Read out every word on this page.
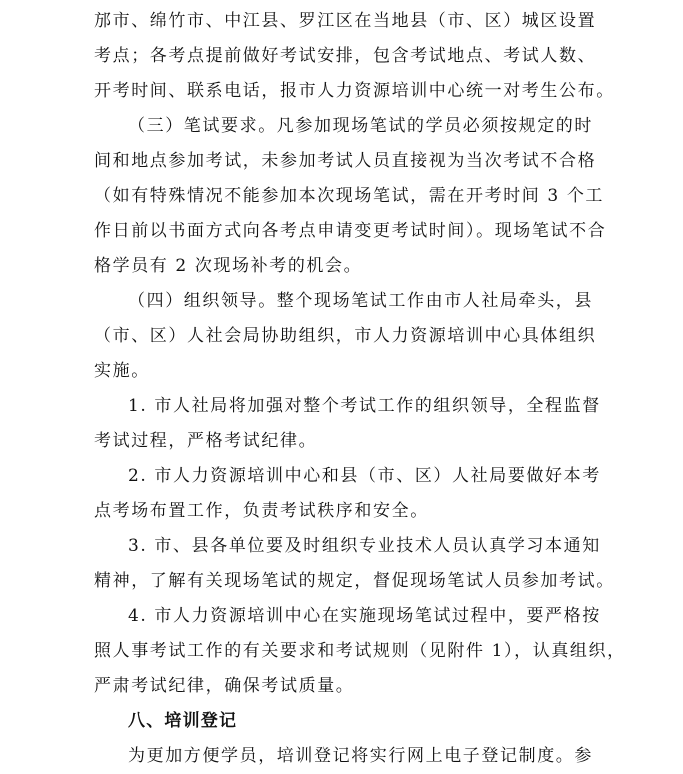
邡市、绵竹市、中江县、罗江区在当地县（市、区）城区设置
考点；各考点提前做好考试安排，包含考试地点、考试人数、
开考时间、联系电话，报市人力资源培训中心统一对考生公布。
（三）笔试要求。凡参加现场笔试的学员必须按规定的时
间和地点参加考试，未参加考试人员直接视为当次考试不合格
（如有特殊情况不能参加本次现场笔试，需在开考时间 3 个工
作日前以书面方式向各考点申请变更考试时间）。现场笔试不合
格学员有 2 次现场补考的机会。
（四）组织领导。整个现场笔试工作由市人社局牵头，县
（市、区）人社会局协助组织，市人力资源培训中心具体组织
实施。
1. 市人社局将加强对整个考试工作的组织领导，全程监督
考试过程，严格考试纪律。
2. 市人力资源培训中心和县（市、区）人社局要做好本考
点考场布置工作，负责考试秩序和安全。
3. 市、县各单位要及时组织专业技术人员认真学习本通知
精神，了解有关现场笔试的规定，督促现场笔试人员参加考试。
4. 市人力资源培训中心在实施现场笔试过程中，要严格按
照人事考试工作的有关要求和考试规则（见附件 1），认真组织，
严肃考试纪律，确保考试质量。
八、培训登记
为更加方便学员，培训登记将实行网上电子登记制度。参
